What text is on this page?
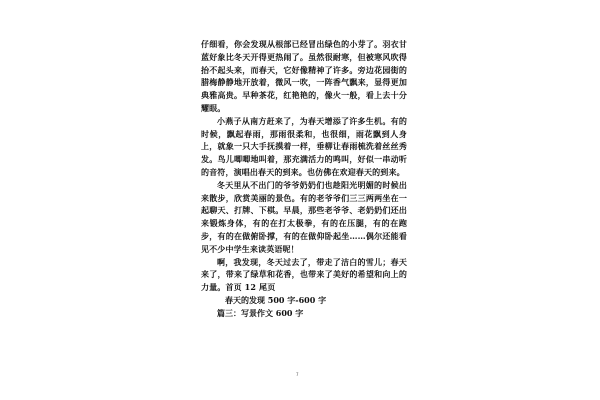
仔细看，你会发现从根部已经冒出绿色的小芽了。羽衣甘蓝好象比冬天开得更热闹了。虽然很耐寒，但被寒风吹得抬不起头来，而春天，它好像精神了许多。旁边花园街的腊梅静静地开放着，微风一吹，一阵香气飘来，显得更加典雅高贵。早种茶花，红艳艳的，像火一般，看上去十分耀眼。

小燕子从南方赶来了，为春天增添了许多生机。有的时候，飘起春雨，那雨很柔和，也很细，雨花飘到人身上，就象一只大手抚摸着一样，垂柳让春雨梳洗着丝丝秀发。鸟儿唧唧地叫着，那充满活力的鸣叫，好似一串动听的音符，演唱出春天的到来。也仿佛在欢迎春天的到来。

冬天里从不出门的爷爷奶奶们也趁阳光明媚的时候出来散步，欣赏美丽的景色。有的老爷爷们三三两两坐在一起聊天、打牌、下棋。早晨，那些老爷爷、老奶奶们还出来锻炼身体，有的在打太极拳，有的在压腿，有的在跑步，有的在做俯卧撑，有的在做仰卧起坐……偶尔还能看见不少中学生来读英语呢！

啊，我发现，冬天过去了，带走了洁白的雪儿；春天来了，带来了绿草和花香，也带来了美好的希望和向上的力量。首页 12 尾页

春天的发现 500 字-600 字

篇三：写景作文 600 字

7
